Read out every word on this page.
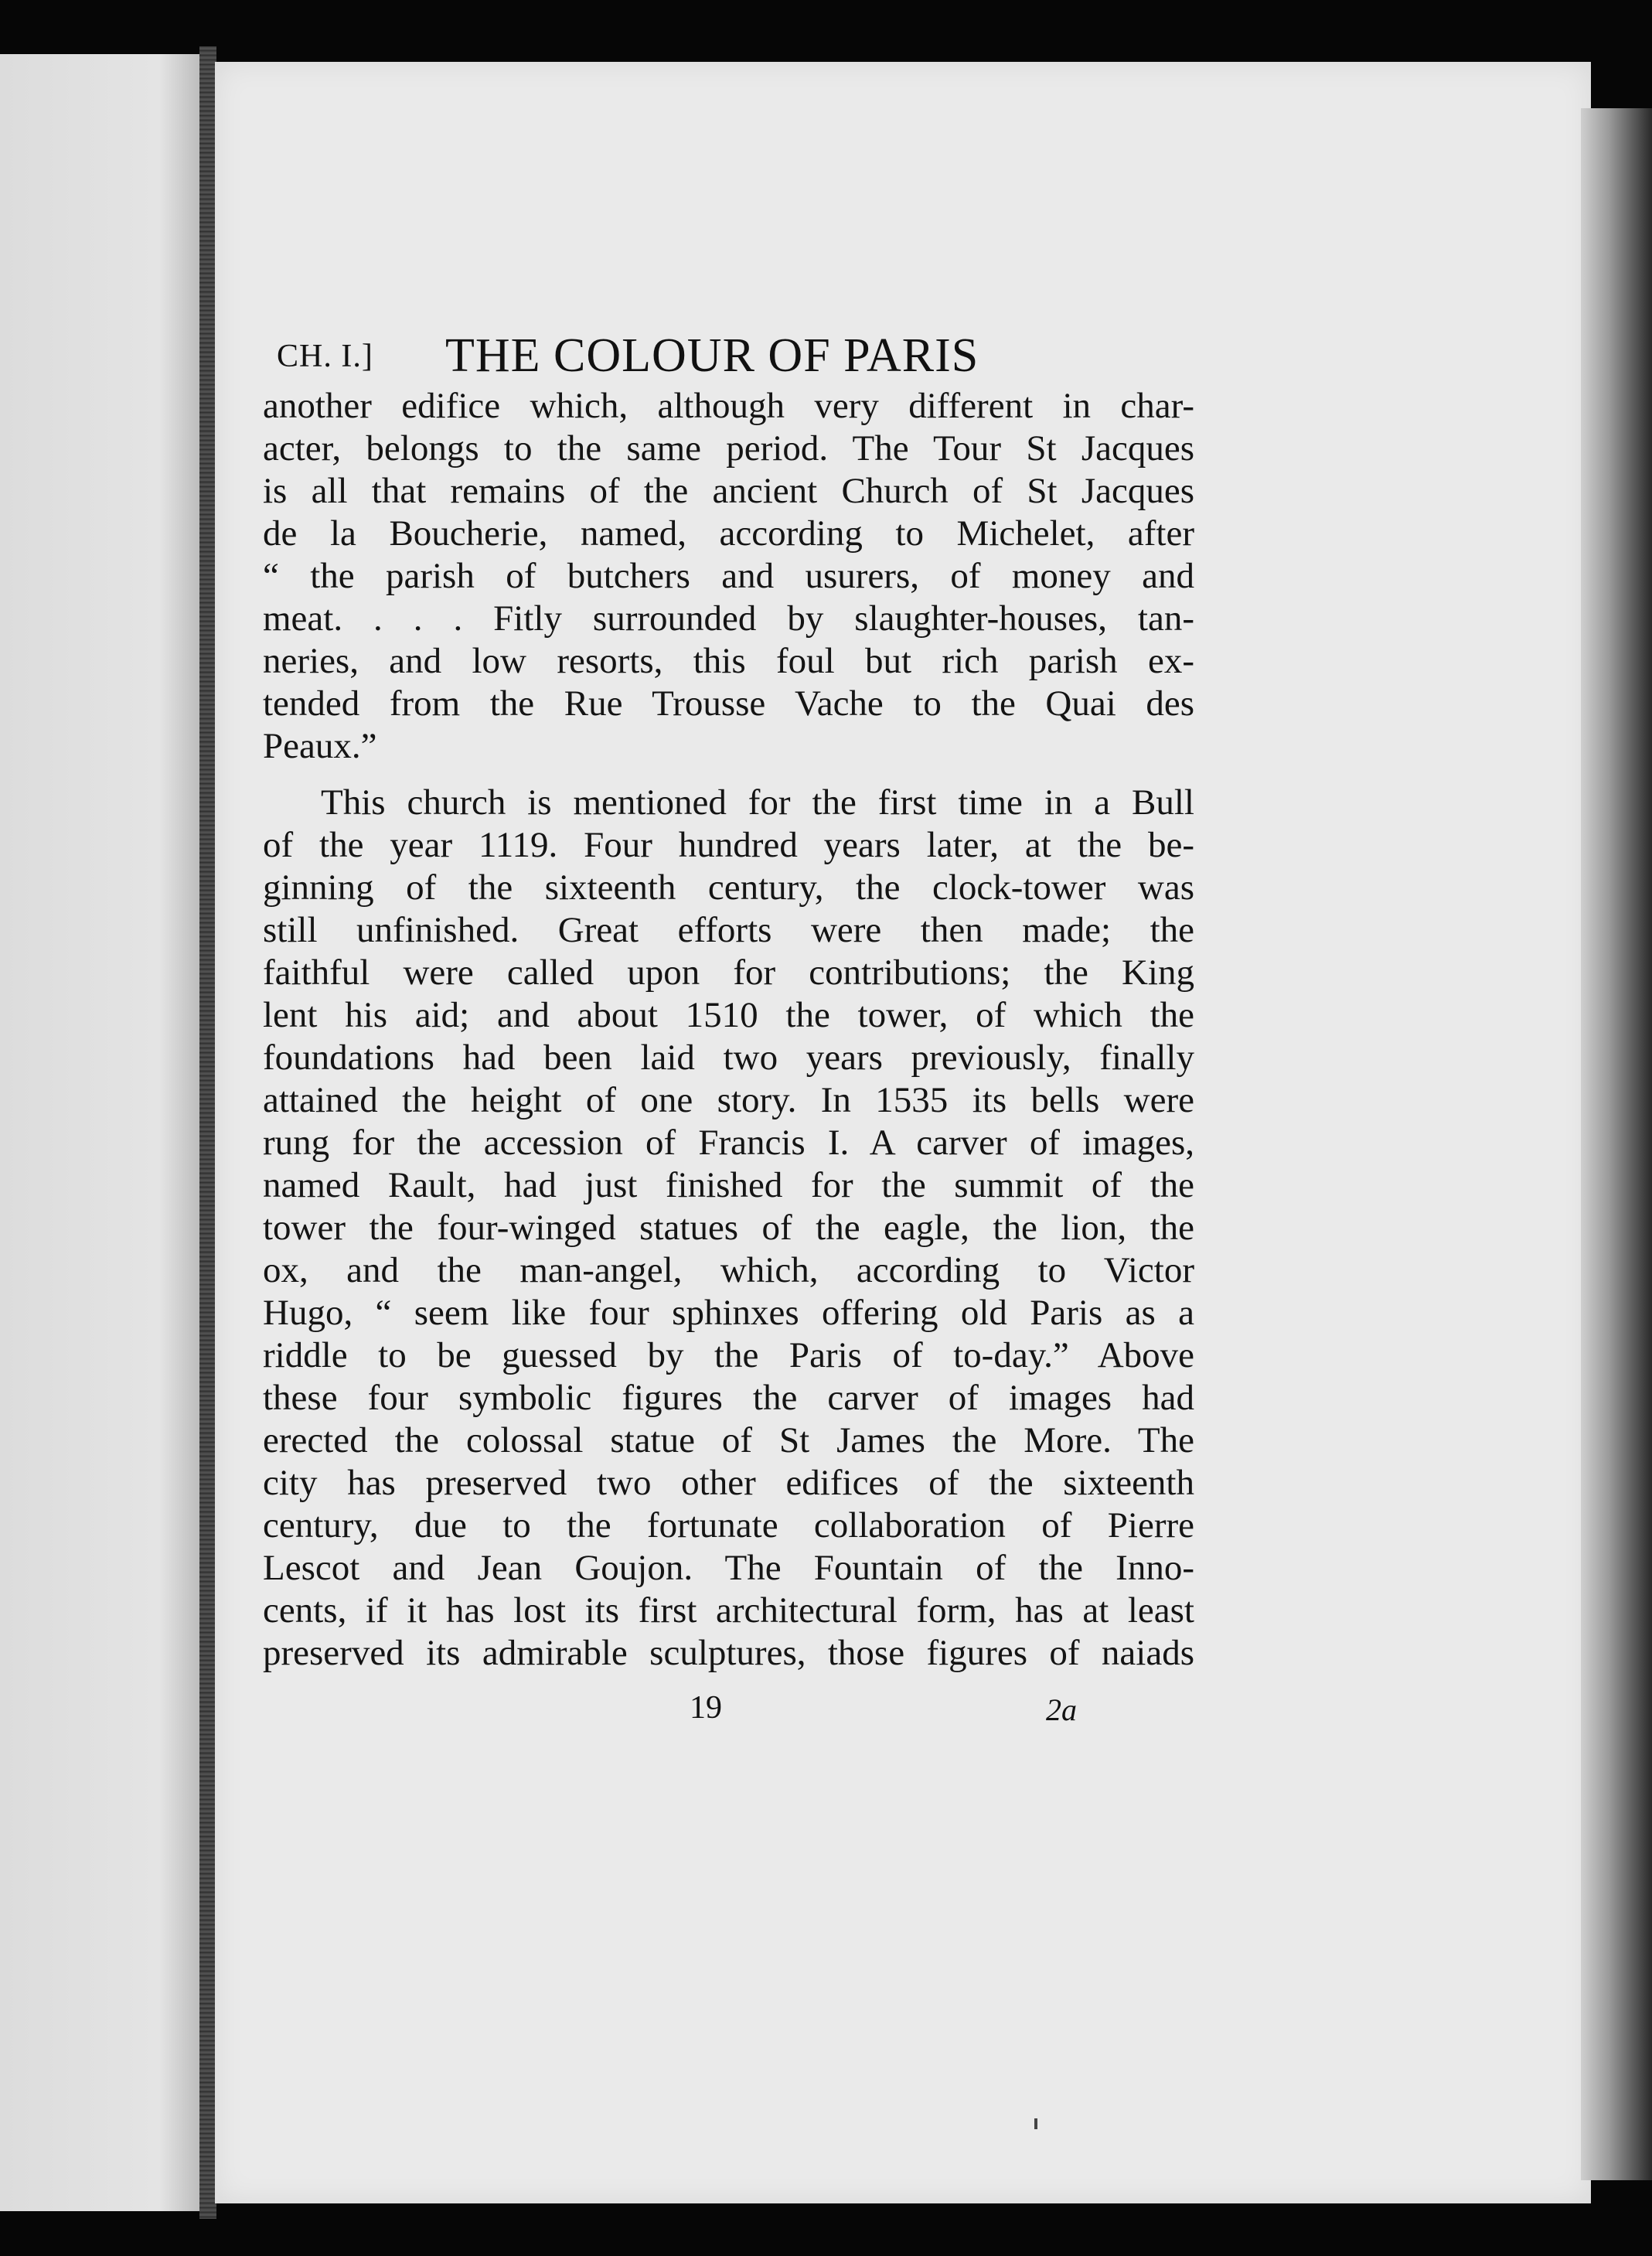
CH. I.] THE COLOUR OF PARIS
another edifice which, although very different in char-
acter, belongs to the same period. The Tour St Jacques
is all that remains of the ancient Church of St Jacques
de la Boucherie, named, according to Michelet, after
“ the parish of butchers and usurers, of money and
meat. . . . Fitly surrounded by slaughter-houses, tan-
neries, and low resorts, this foul but rich parish ex-
tended from the Rue Trousse Vache to the Quai des
Peaux.”
This church is mentioned for the first time in a Bull
of the year 1119. Four hundred years later, at the be-
ginning of the sixteenth century, the clock-tower was
still unfinished. Great efforts were then made; the
faithful were called upon for contributions; the King
lent his aid; and about 1510 the tower, of which the
foundations had been laid two years previously, finally
attained the height of one story. In 1535 its bells were
rung for the accession of Francis I. A carver of images,
named Rault, had just finished for the summit of the
tower the four-winged statues of the eagle, the lion, the
ox, and the man-angel, which, according to Victor
Hugo, “ seem like four sphinxes offering old Paris as a
riddle to be guessed by the Paris of to-day.” Above
these four symbolic figures the carver of images had
erected the colossal statue of St James the More. The
city has preserved two other edifices of the sixteenth
century, due to the fortunate collaboration of Pierre
Lescot and Jean Goujon. The Fountain of the Inno-
cents, if it has lost its first architectural form, has at least
preserved its admirable sculptures, those figures of naiads
19	2a
